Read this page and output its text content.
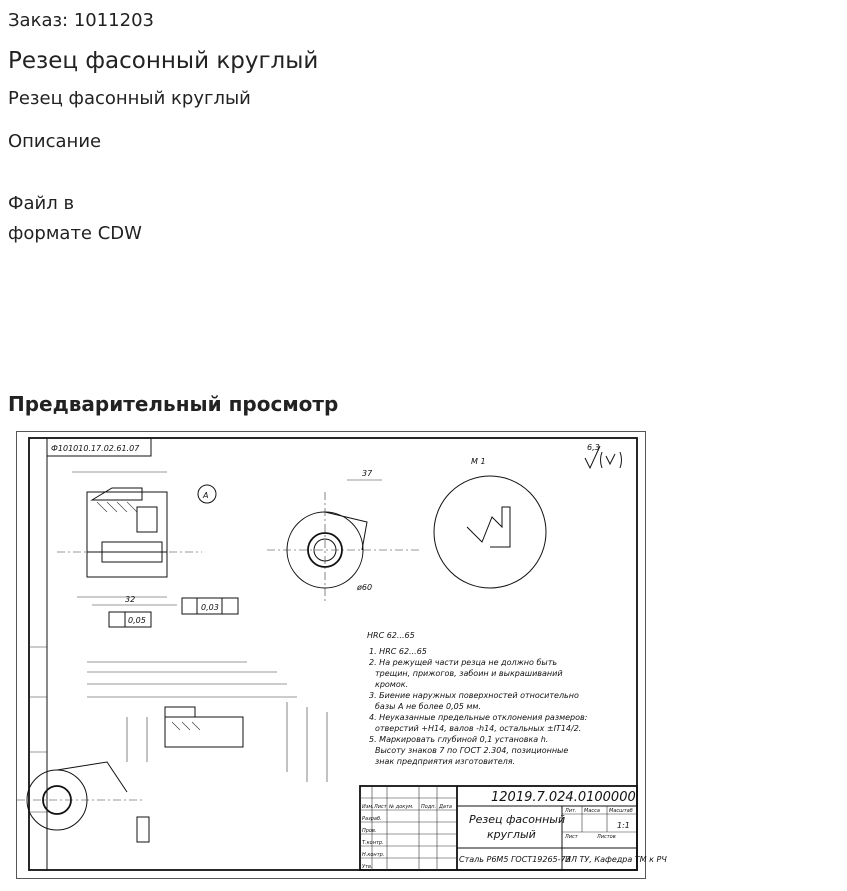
Заказ: 1011203
Резец фасонный круглый
Резец фасонный круглый
Описание
Файл в
формате CDW
Предварительный просмотр
Ф101010.17.02.61.07	6,3
32
А
0,03
0,05
37
ø60
М 1
1. HRC 62...65
2. На режущей части резца не должно быть
трещин, прижогов, забоин и выкрашиваний
кромок.
3. Биение наружных поверхностей относительно
базы А не более 0,05 мм.
4. Неуказанные предельные отклонения размеров:
отверстий +H14, валов -h14, остальных ±IT14/2.
5. Маркировать глубиной 0,1 установка h.
Высоту знаков 7 по ГОСТ 2.304, позиционные
знак предприятия изготовителя.
12019.7.024.0100000
Резец фасонный
круглый
Сталь Р6М5 ГОСТ19265-73
ИЛ ТУ, Кафедра ТМ к РЧ
1:1
Изм. Лист № докум. Подп. Дата
Разраб.
Пров.
Т.контр.
Н.контр.
Утв.
Лит. Масса Масштаб
Лист	Листов
HRC 62...65
